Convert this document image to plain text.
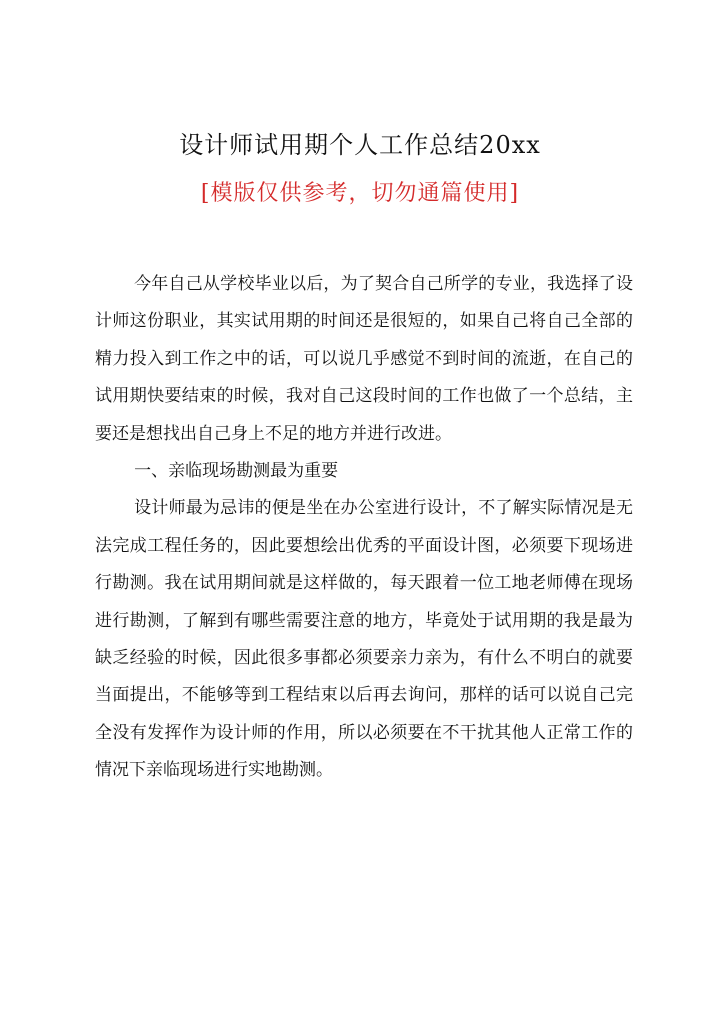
设计师试用期个人工作总结20xx
[模版仅供参考，切勿通篇使用]

今年自己从学校毕业以后，为了契合自己所学的专业，我选择了设计师这份职业，其实试用期的时间还是很短的，如果自己将自己全部的精力投入到工作之中的话，可以说几乎感觉不到时间的流逝，在自己的试用期快要结束的时候，我对自己这段时间的工作也做了一个总结，主要还是想找出自己身上不足的地方并进行改进。

一、亲临现场勘测最为重要

设计师最为忌讳的便是坐在办公室进行设计，不了解实际情况是无法完成工程任务的，因此要想绘出优秀的平面设计图，必须要下现场进行勘测。我在试用期间就是这样做的，每天跟着一位工地老师傅在现场进行勘测，了解到有哪些需要注意的地方，毕竟处于试用期的我是最为缺乏经验的时候，因此很多事都必须要亲力亲为，有什么不明白的就要当面提出，不能够等到工程结束以后再去询问，那样的话可以说自己完全没有发挥作为设计师的作用，所以必须要在不干扰其他人正常工作的情况下亲临现场进行实地勘测。
